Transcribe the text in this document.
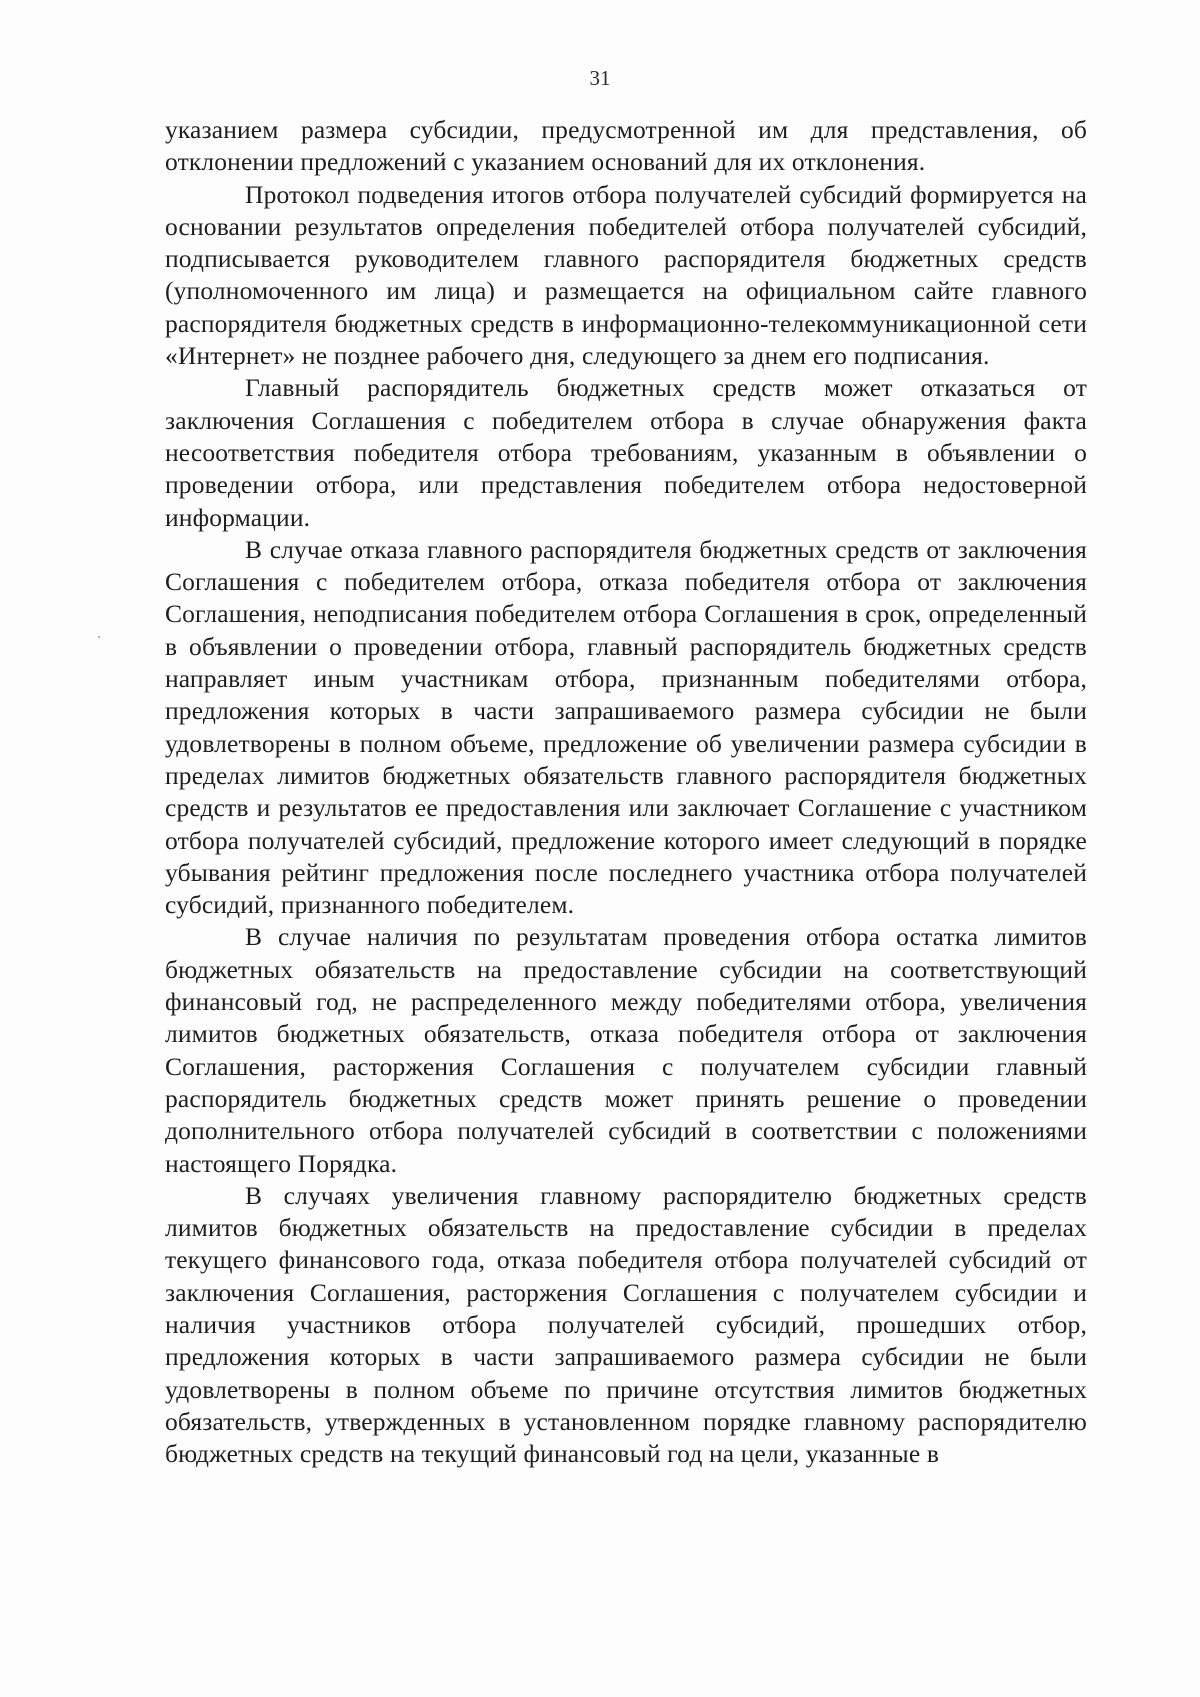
31

указанием размера субсидии, предусмотренной им для представления, об отклонении предложений с указанием оснований для их отклонения.

Протокол подведения итогов отбора получателей субсидий формируется на основании результатов определения победителей отбора получателей субсидий, подписывается руководителем главного распорядителя бюджетных средств (уполномоченного им лица) и размещается на официальном сайте главного распорядителя бюджетных средств в информационно-телекоммуникационной сети «Интернет» не позднее рабочего дня, следующего за днем его подписания.

Главный распорядитель бюджетных средств может отказаться от заключения Соглашения с победителем отбора в случае обнаружения факта несоответствия победителя отбора требованиям, указанным в объявлении о проведении отбора, или представления победителем отбора недостоверной информации.

В случае отказа главного распорядителя бюджетных средств от заключения Соглашения с победителем отбора, отказа победителя отбора от заключения Соглашения, неподписания победителем отбора Соглашения в срок, определенный в объявлении о проведении отбора, главный распорядитель бюджетных средств направляет иным участникам отбора, признанным победителями отбора, предложения которых в части запрашиваемого размера субсидии не были удовлетворены в полном объеме, предложение об увеличении размера субсидии в пределах лимитов бюджетных обязательств главного распорядителя бюджетных средств и результатов ее предоставления или заключает Соглашение с участником отбора получателей субсидий, предложение которого имеет следующий в порядке убывания рейтинг предложения после последнего участника отбора получателей субсидий, признанного победителем.

В случае наличия по результатам проведения отбора остатка лимитов бюджетных обязательств на предоставление субсидии на соответствующий финансовый год, не распределенного между победителями отбора, увеличения лимитов бюджетных обязательств, отказа победителя отбора от заключения Соглашения, расторжения Соглашения с получателем субсидии главный распорядитель бюджетных средств может принять решение о проведении дополнительного отбора получателей субсидий в соответствии с положениями настоящего Порядка.

В случаях увеличения главному распорядителю бюджетных средств лимитов бюджетных обязательств на предоставление субсидии в пределах текущего финансового года, отказа победителя отбора получателей субсидий от заключения Соглашения, расторжения Соглашения с получателем субсидии и наличия участников отбора получателей субсидий, прошедших отбор, предложения которых в части запрашиваемого размера субсидии не были удовлетворены в полном объеме по причине отсутствия лимитов бюджетных обязательств, утвержденных в установленном порядке главному распорядителю бюджетных средств на текущий финансовый год на цели, указанные в
